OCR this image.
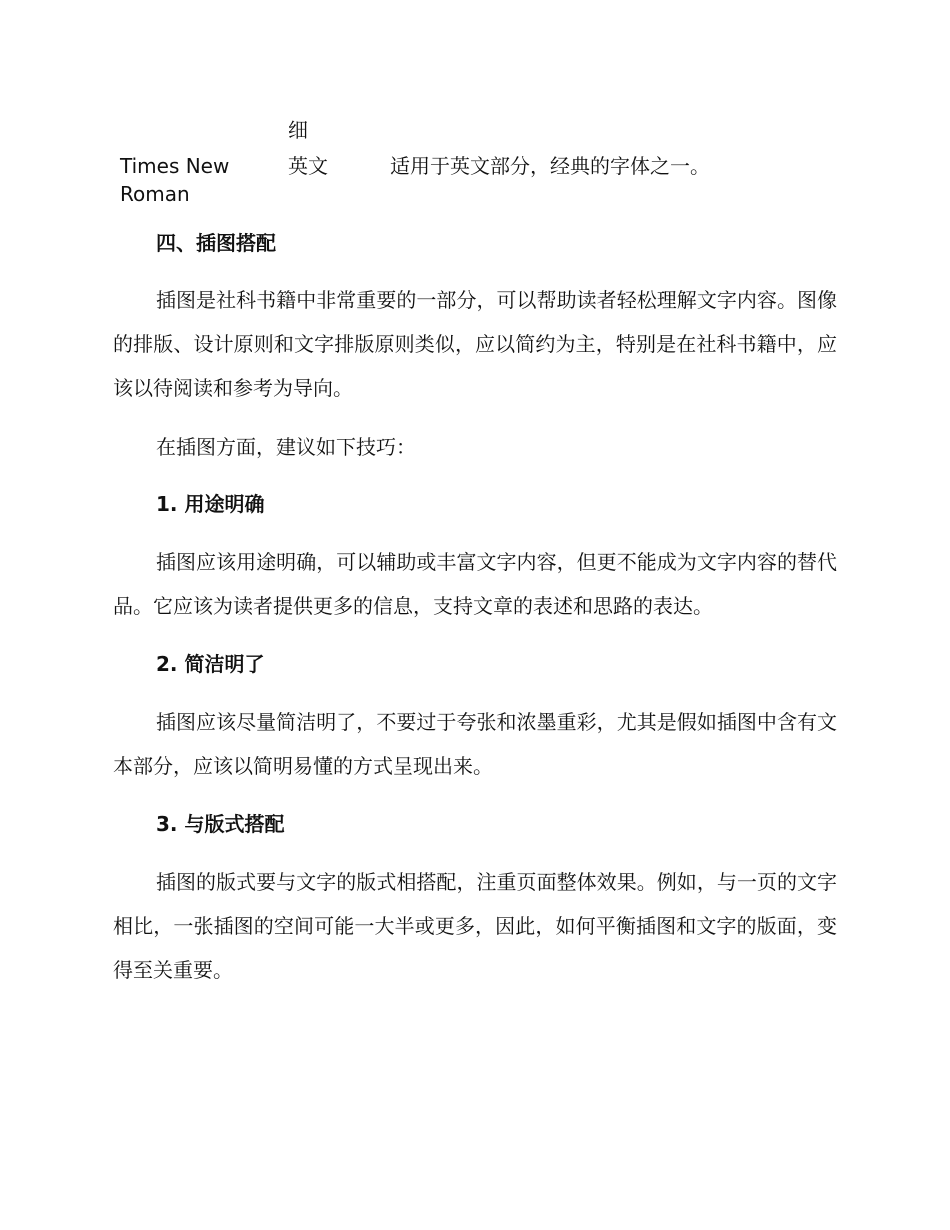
细
Times New Roman
英文	适用于英文部分，经典的字体之一。
四、插图搭配
插图是社科书籍中非常重要的一部分，可以帮助读者轻松理解文字内容。图像的排版、设计原则和文字排版原则类似，应以简约为主，特别是在社科书籍中，应该以待阅读和参考为导向。
在插图方面，建议如下技巧：
1. 用途明确
插图应该用途明确，可以辅助或丰富文字内容，但更不能成为文字内容的替代品。它应该为读者提供更多的信息，支持文章的表述和思路的表达。
2. 简洁明了
插图应该尽量简洁明了，不要过于夸张和浓墨重彩，尤其是假如插图中含有文本部分，应该以简明易懂的方式呈现出来。
3. 与版式搭配
插图的版式要与文字的版式相搭配，注重页面整体效果。例如，与一页的文字相比，一张插图的空间可能一大半或更多，因此，如何平衡插图和文字的版面，变得至关重要。
